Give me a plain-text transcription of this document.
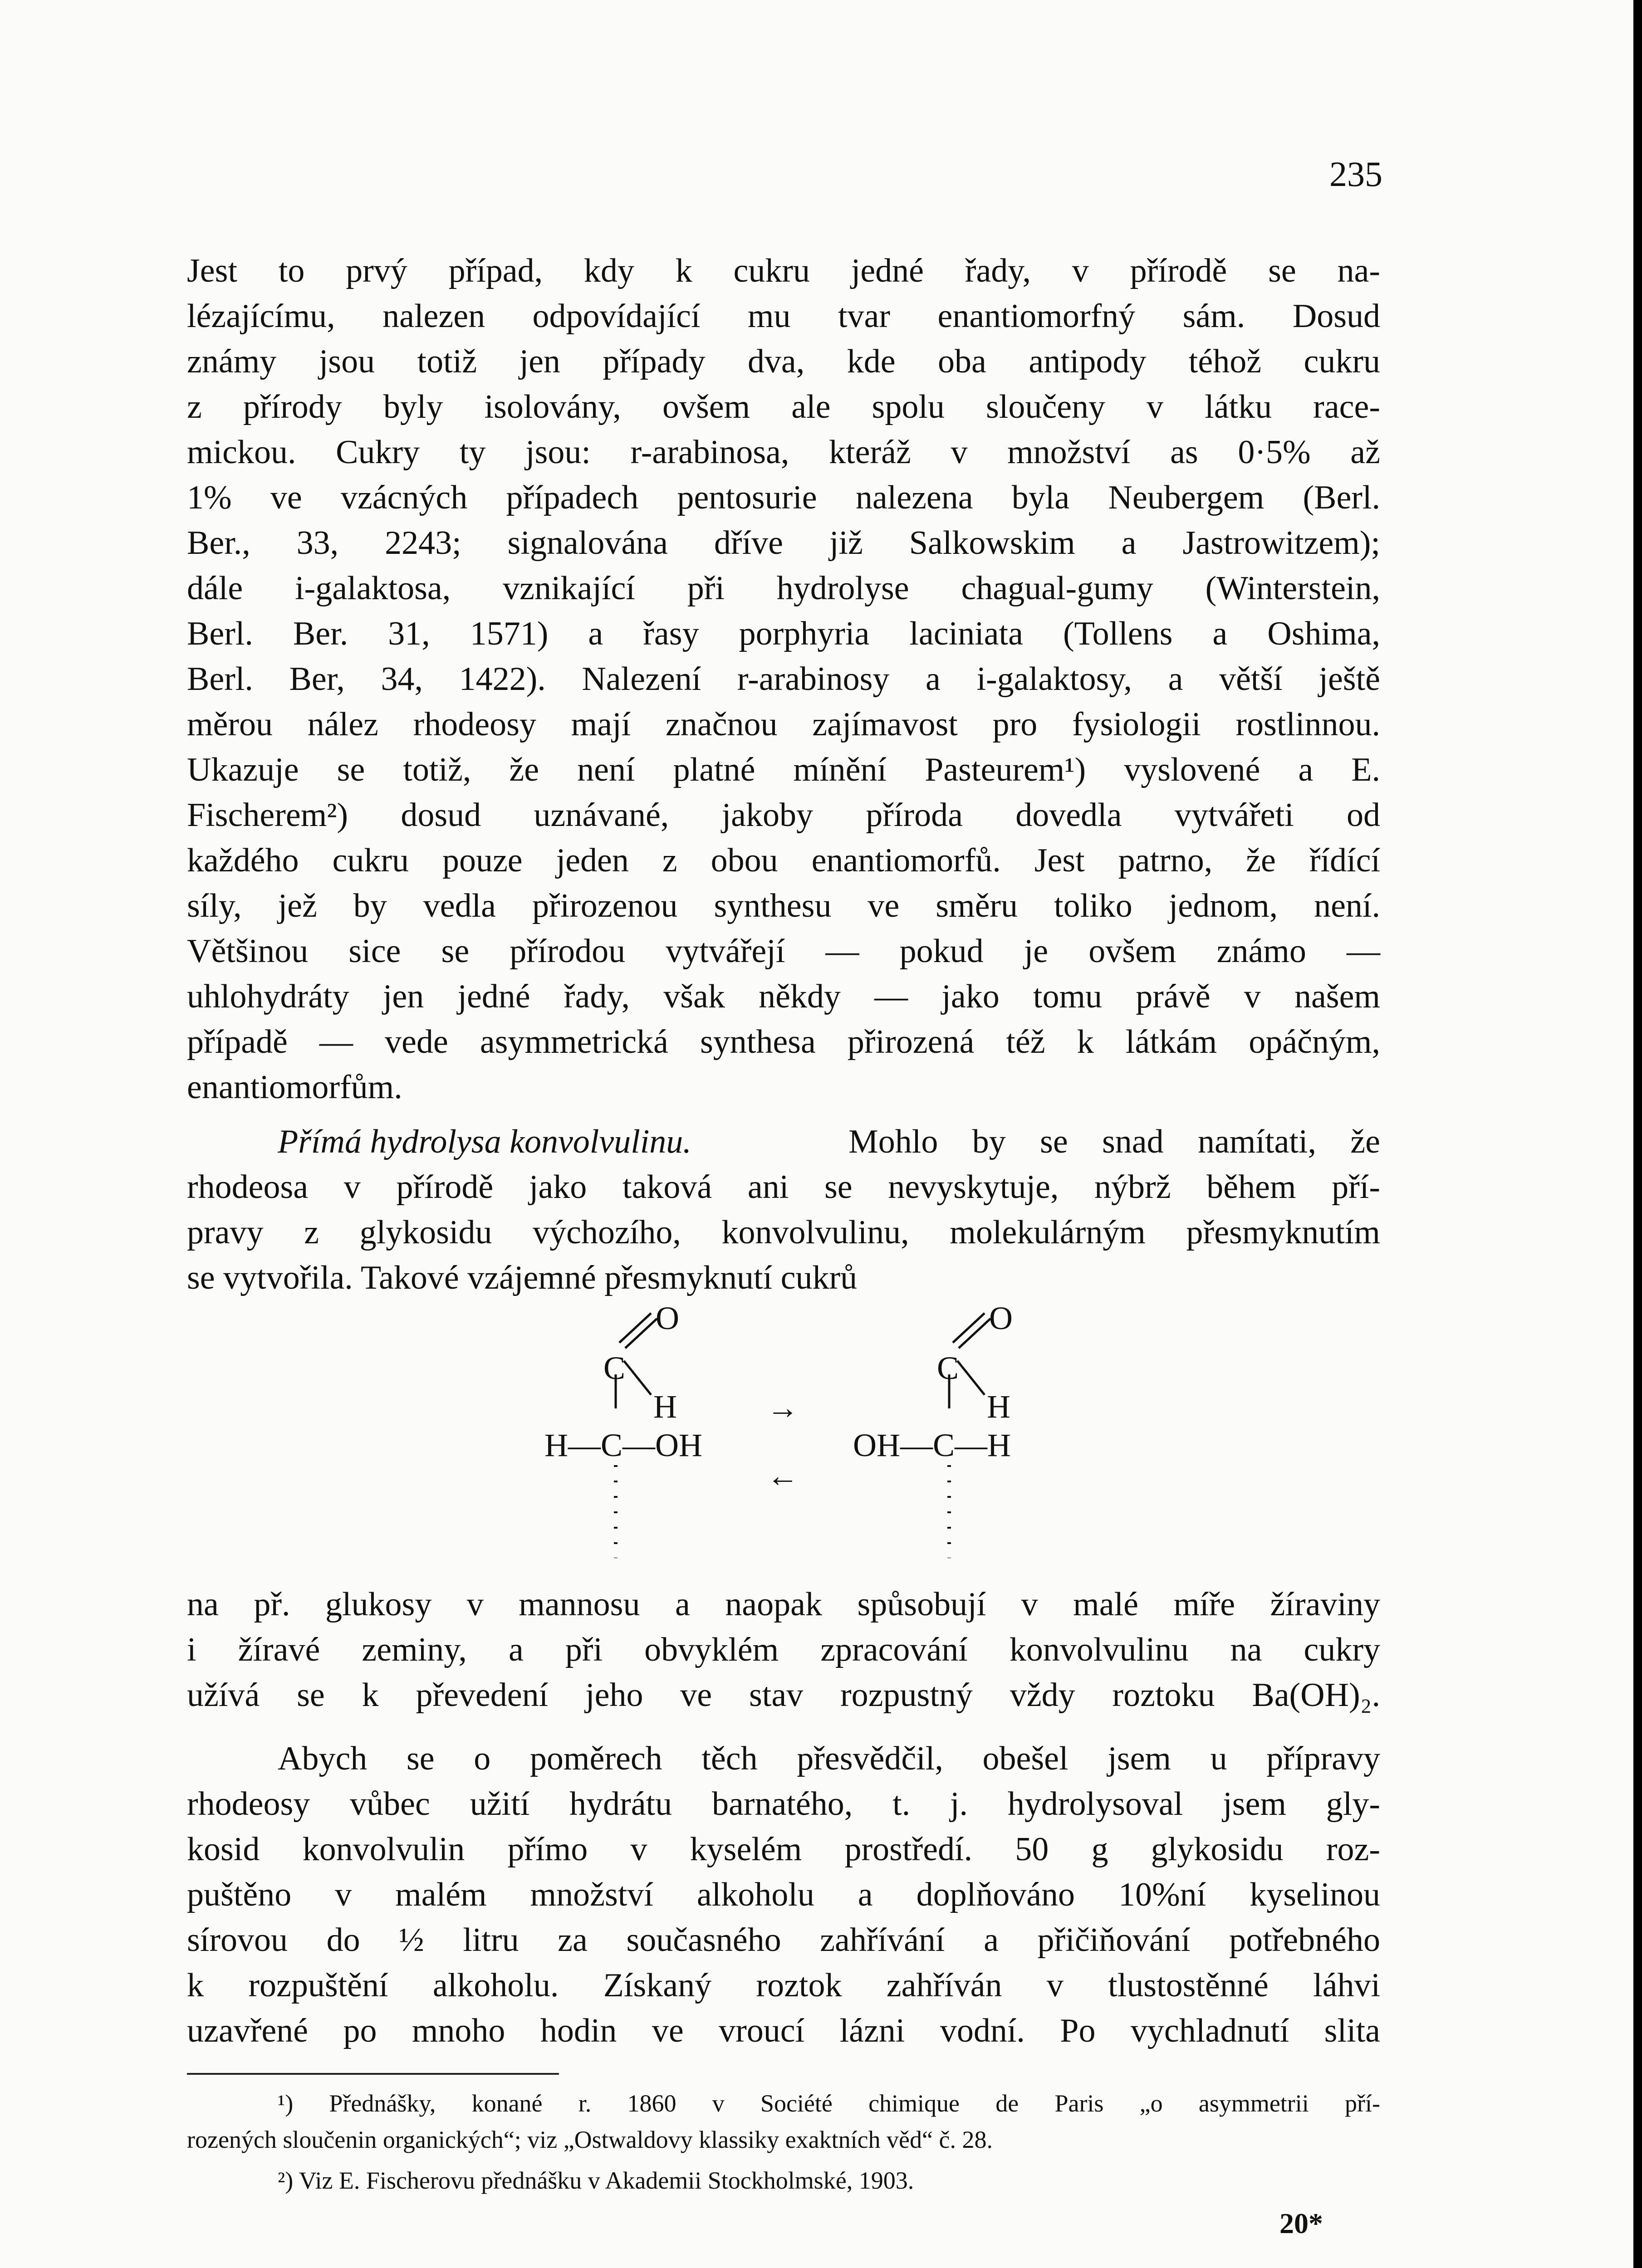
235
Jest to prvý případ, kdy k cukru jedné řady, v přírodě se na-
lézajícímu, nalezen odpovídající mu tvar enantiomorfný sám. Dosud
známy jsou totiž jen případy dva, kde oba antipody téhož cukru
z přírody byly isolovány, ovšem ale spolu sloučeny v látku race-
mickou. Cukry ty jsou: r-arabinosa, kteráž v množství as 0·5% až
1% ve vzácných případech pentosurie nalezena byla Neubergem (Berl.
Ber., 33, 2243; signalována dříve již Salkowskim a Jastrowitzem);
dále i-galaktosa, vznikající při hydrolyse chagual-gumy (Winterstein,
Berl. Ber. 31, 1571) a řasy porphyria laciniata (Tollens a Oshima,
Berl. Ber, 34, 1422). Nalezení r-arabinosy a i-galaktosy, a větší ještě
měrou nález rhodeosy mají značnou zajímavost pro fysiologii rostlinnou.
Ukazuje se totiž, že není platné mínění Pasteurem¹) vyslovené a E.
Fischerem²) dosud uznávané, jakoby příroda dovedla vytvářeti od
každého cukru pouze jeden z obou enantiomorfů. Jest patrno, že řídící
síly, jež by vedla přirozenou synthesu ve směru toliko jednom, není.
Většinou sice se přírodou vytvářejí — pokud je ovšem známo —
uhlohydráty jen jedné řady, však někdy — jako tomu právě v našem
případě — vede asymmetrická synthesa přirozená též k látkám opáčným,
enantiomorfům.
Přímá hydrolysa konvolvulinu.	Mohlo by se snad namítati, že
rhodeosa v přírodě jako taková ani se nevyskytuje, nýbrž během pří-
pravy z glykosidu výchozího, konvolvulinu, molekulárným přesmyknutím
se vytvořila. Takové vzájemné přesmyknutí cukrů
O
C
H
H—C—OH
→
←
O
C
H
OH—C—H
na př. glukosy v mannosu a naopak spůsobují v malé míře žíraviny
i žíravé zeminy, a při obvyklém zpracování konvolvulinu na cukry
užívá se k převedení jeho ve stav rozpustný vždy roztoku Ba(OH)₂.
Abych se o poměrech těch přesvědčil, obešel jsem u přípravy
rhodeosy vůbec užití hydrátu barnatého, t. j. hydrolysoval jsem gly-
kosid konvolvulin přímo v kyselém prostředí. 50 g glykosidu roz-
puštěno v malém množství alkoholu a doplňováno 10%ní kyselinou
sírovou do ½ litru za současného zahřívání a přičiňování potřebného
k rozpuštění alkoholu. Získaný roztok zahříván v tlustostěnné láhvi
uzavřené po mnoho hodin ve vroucí lázni vodní. Po vychladnutí slita
¹) Přednášky, konané r. 1860 v Société chimique de Paris „o asymmetrii pří-
rozených sloučenin organických“; viz „Ostwaldovy klassiky exaktních věd“ č. 28.
²) Viz E. Fischerovu přednášku v Akademii Stockholmské, 1903.
20*
